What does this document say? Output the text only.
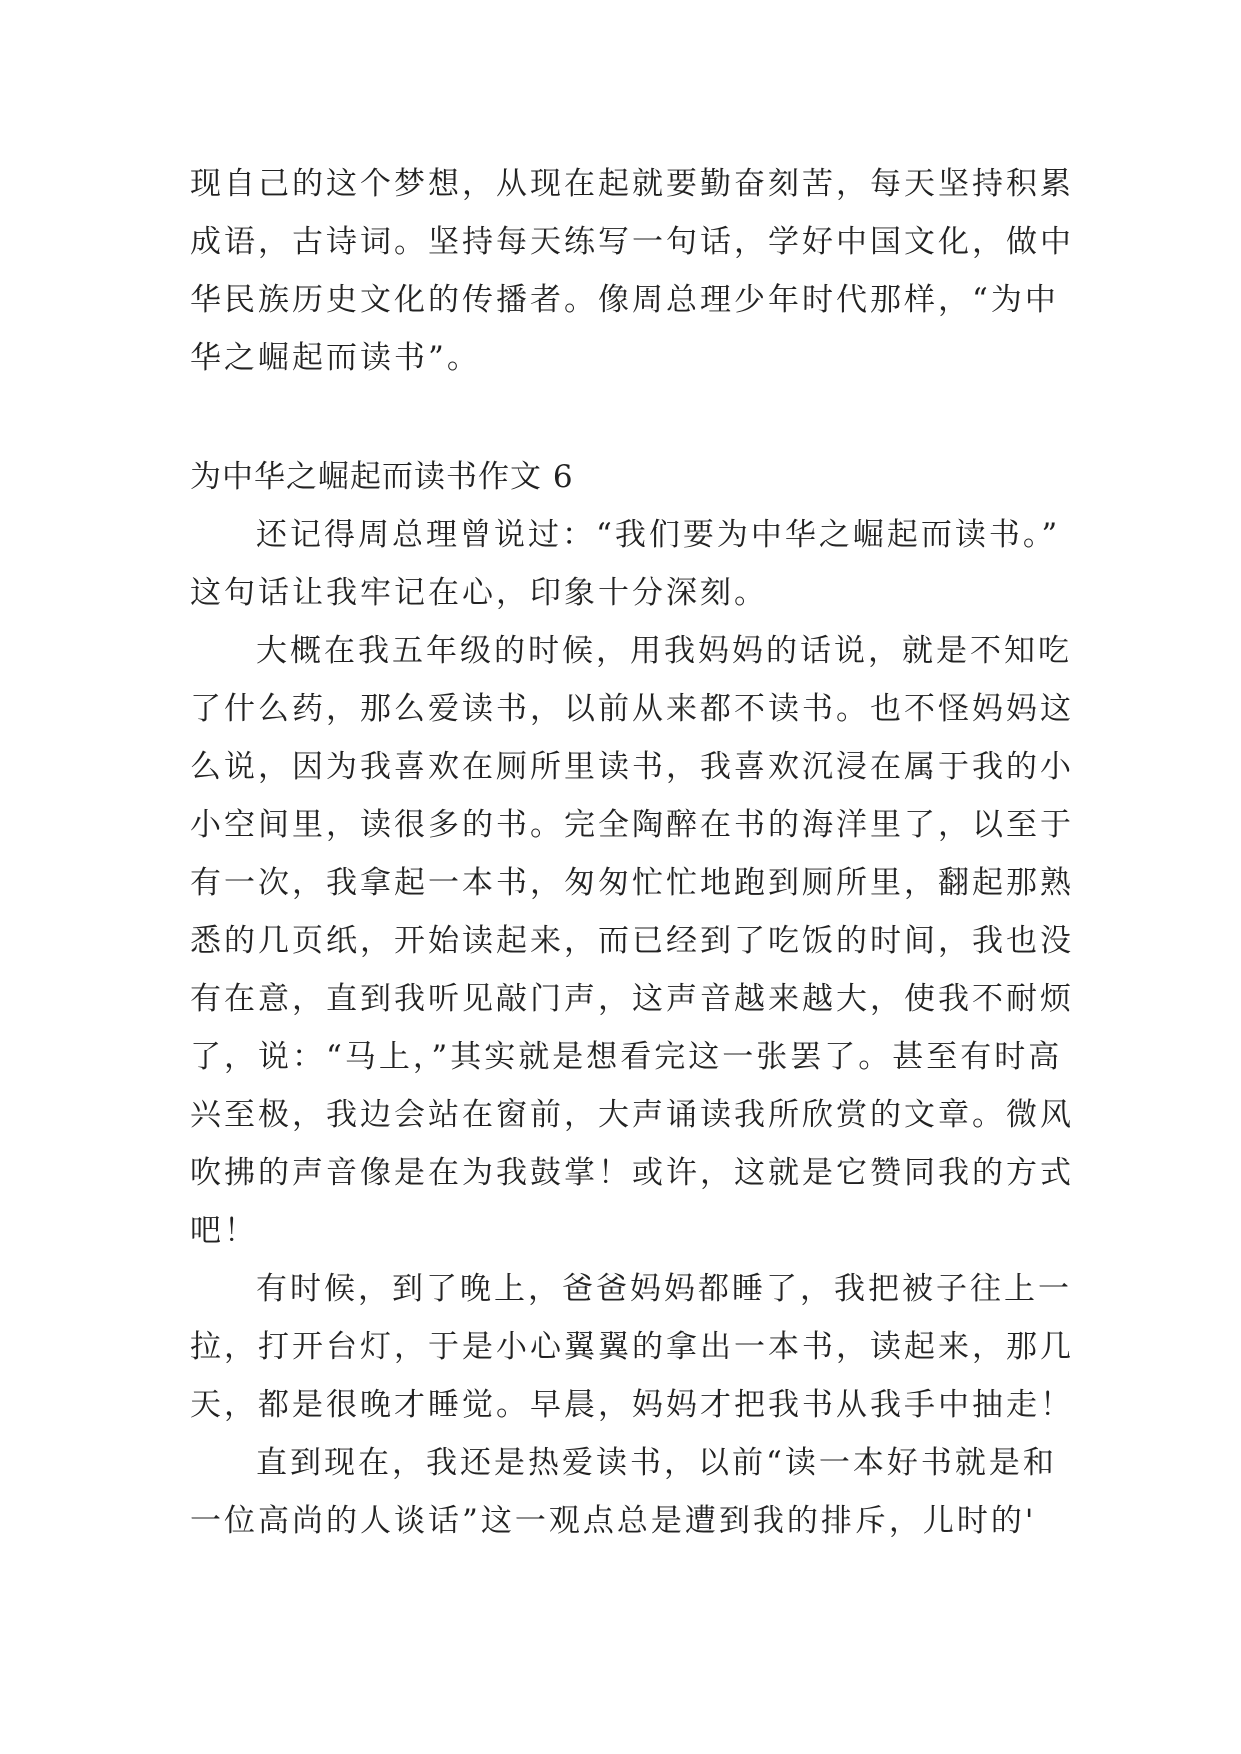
现自己的这个梦想，从现在起就要勤奋刻苦，每天坚持积累
成语，古诗词。坚持每天练写一句话，学好中国文化，做中
华民族历史文化的传播者。像周总理少年时代那样，“为中
华之崛起而读书”。
为中华之崛起而读书作文 6
还记得周总理曾说过：“我们要为中华之崛起而读书。”
这句话让我牢记在心，印象十分深刻。
大概在我五年级的时候，用我妈妈的话说，就是不知吃
了什么药，那么爱读书，以前从来都不读书。也不怪妈妈这
么说，因为我喜欢在厕所里读书，我喜欢沉浸在属于我的小
小空间里，读很多的书。完全陶醉在书的海洋里了，以至于
有一次，我拿起一本书，匆匆忙忙地跑到厕所里，翻起那熟
悉的几页纸，开始读起来，而已经到了吃饭的时间，我也没
有在意，直到我听见敲门声，这声音越来越大，使我不耐烦
了，说：“马上，”其实就是想看完这一张罢了。甚至有时高
兴至极，我边会站在窗前，大声诵读我所欣赏的文章。微风
吹拂的声音像是在为我鼓掌！或许，这就是它赞同我的方式
吧！
有时候，到了晚上，爸爸妈妈都睡了，我把被子往上一
拉，打开台灯，于是小心翼翼的拿出一本书，读起来，那几
天，都是很晚才睡觉。早晨，妈妈才把我书从我手中抽走！
直到现在，我还是热爱读书，以前“读一本好书就是和
一位高尚的人谈话”这一观点总是遭到我的排斥，儿时的'
